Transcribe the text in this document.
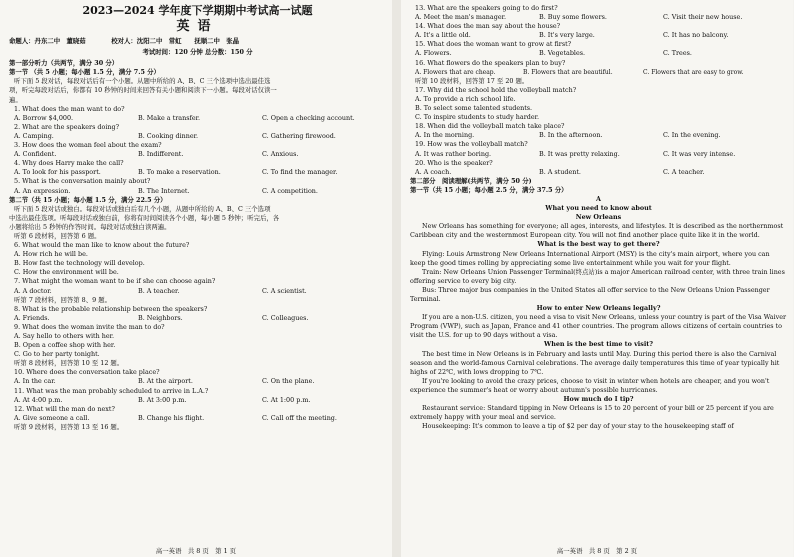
2023—2024 学年度下学期期中考试高一试题
英语
命题人：丹东二中　董晓茹　　　　校对人：沈阳二中　常虹　　抚顺二中　张晶
考试时间：120 分钟 总分数：150 分
第一部分听力（共两节，满分 30 分）
第一节 （共 5 小题；每小题 1.5 分，满分 7.5 分）
听下面 5 段对话，每段对话后有一个小题。从题中所给的 A、B、C 三个选项中选出最佳选
项，听完每段对话后，你都有 10 秒钟的时间来回答有关小题和阅读下一小题。每段对话仅读一
遍。
1. What does the man want to do?
A. Borrow $4,000.	B. Make a transfer.	C. Open a checking account.
2. What are the speakers doing?
A. Camping.	B. Cooking dinner.	C. Gathering firewood.
3. How does the woman feel about the exam?
A. Confident.	B. Indifferent.	C. Anxious.
4. Why does Harry make the call?
A. To look for his passport.	B. To make a reservation.	C. To find the manager.
5. What is the conversation mainly about?
A. An expression.	B. The Internet.	C. A competition.
第二节（共 15 小题；每小题 1.5 分，满分 22.5 分）
听下面 5 段对话或独白。每段对话或独白后有几个小题，从题中所给的 A、B、C 三个选项
中选出最佳选项。听每段对话或独白前，你将有时间阅读各个小题，每小题 5 秒钟；听完后，各
小题将给出 5 秒钟的作答时间。每段对话或独白读两遍。
听第 6 段材料，回答第 6 题。
6. What would the man like to know about the future?
A. How rich he will be.
B. How fast the technology will develop.
C. How the environment will be.
7. What might the woman want to be if she can choose again?
A. A doctor.	B. A teacher.	C. A scientist.
听第 7 段材料，回答第 8、9 题。
8. What is the probable relationship between the speakers?
A. Friends.	B. Neighbors.	C. Colleagues.
9. What does the woman invite the man to do?
A. Say hello to others with her.
B. Open a coffee shop with her.
C. Go to her party tonight.
听第 8 段材料，回答第 10 至 12 题。
10. Where does the conversation take place?
A. In the car.	B. At the airport.	C. On the plane.
11. What was the man probably scheduled to arrive in L.A.?
A. At 4:00 p.m.	B. At 3:00 p.m.	C. At 1:00 p.m.
12. What will the man do next?
A. Give someone a call.	B. Change his flight.	C. Call off the meeting.
听第 9 段材料，回答第 13 至 16 题。
高一英语　共 8 页　第 1 页
13. What are the speakers going to do first?
A. Meet the man's manager.	B. Buy some flowers.	C. Visit their new house.
14. What does the man say about the house?
A. It's a little old.	B. It's very large.	C. It has no balcony.
15. What does the woman want to grow at first?
A. Flowers.	B. Vegetables.	C. Trees.
16. What flowers do the speakers plan to buy?
A. Flowers that are cheap.	B. Flowers that are beautiful.	C. Flowers that are easy to grow.
听第 10 段材料，回答第 17 至 20 题。
17. Why did the school hold the volleyball match?
A. To provide a rich school life.
B. To select some talented students.
C. To inspire students to study harder.
18. When did the volleyball match take place?
A. In the morning.	B. In the afternoon.	C. In the evening.
19. How was the volleyball match?
A. It was rather boring.	B. It was pretty relaxing.	C. It was very intense.
20. Who is the speaker?
A. A coach.	B. A student.	C. A teacher.
第二部分　阅读理解(共两节，满分 50 分)
第一节（共 15 小题；每小题 2.5 分，满分 37.5 分）
A
What you need to know about
New Orleans
New Orleans has something for everyone; all ages, interests, and lifestyles. It is described as the northernmost Caribbean city and the westernmost European city. You will not find another place quite like it in the world.
What is the best way to get there?
Flying: Louis Armstrong New Orleans International Airport (MSY) is the city's main airport, where you can keep the good times rolling by appreciating some live entertainment while you wait for your flight.
Train: New Orleans Union Passenger Terminal(终点站)is a major American railroad center, with three train lines offering service to every big city.
Bus: Three major bus companies in the United States all offer service to the New Orleans Union Passenger Terminal.
How to enter New Orleans legally?
If you are a non-U.S. citizen, you need a visa to visit New Orleans, unless your country is part of the Visa Waiver Program (VWP), such as Japan, France and 41 other countries. The program allows citizens of certain countries to visit the U.S. for up to 90 days without a visa.
When is the best time to visit?
The best time in New Orleans is in February and lasts until May. During this period there is also the Carnival season and the world-famous Carnival celebrations. The average daily temperatures this time of year typically hit highs of 22℃, with lows dropping to 7℃.
If you're looking to avoid the crazy prices, choose to visit in winter when hotels are cheaper, and you won't experience the summer's heat or worry about autumn's possible hurricanes.
How much do I tip?
Restaurant service: Standard tipping in New Orleans is 15 to 20 percent of your bill or 25 percent if you are extremely happy with your meal and service.
Housekeeping: It's common to leave a tip of $2 per day of your stay to the housekeeping staff of
高一英语　共 8 页　第 2 页
